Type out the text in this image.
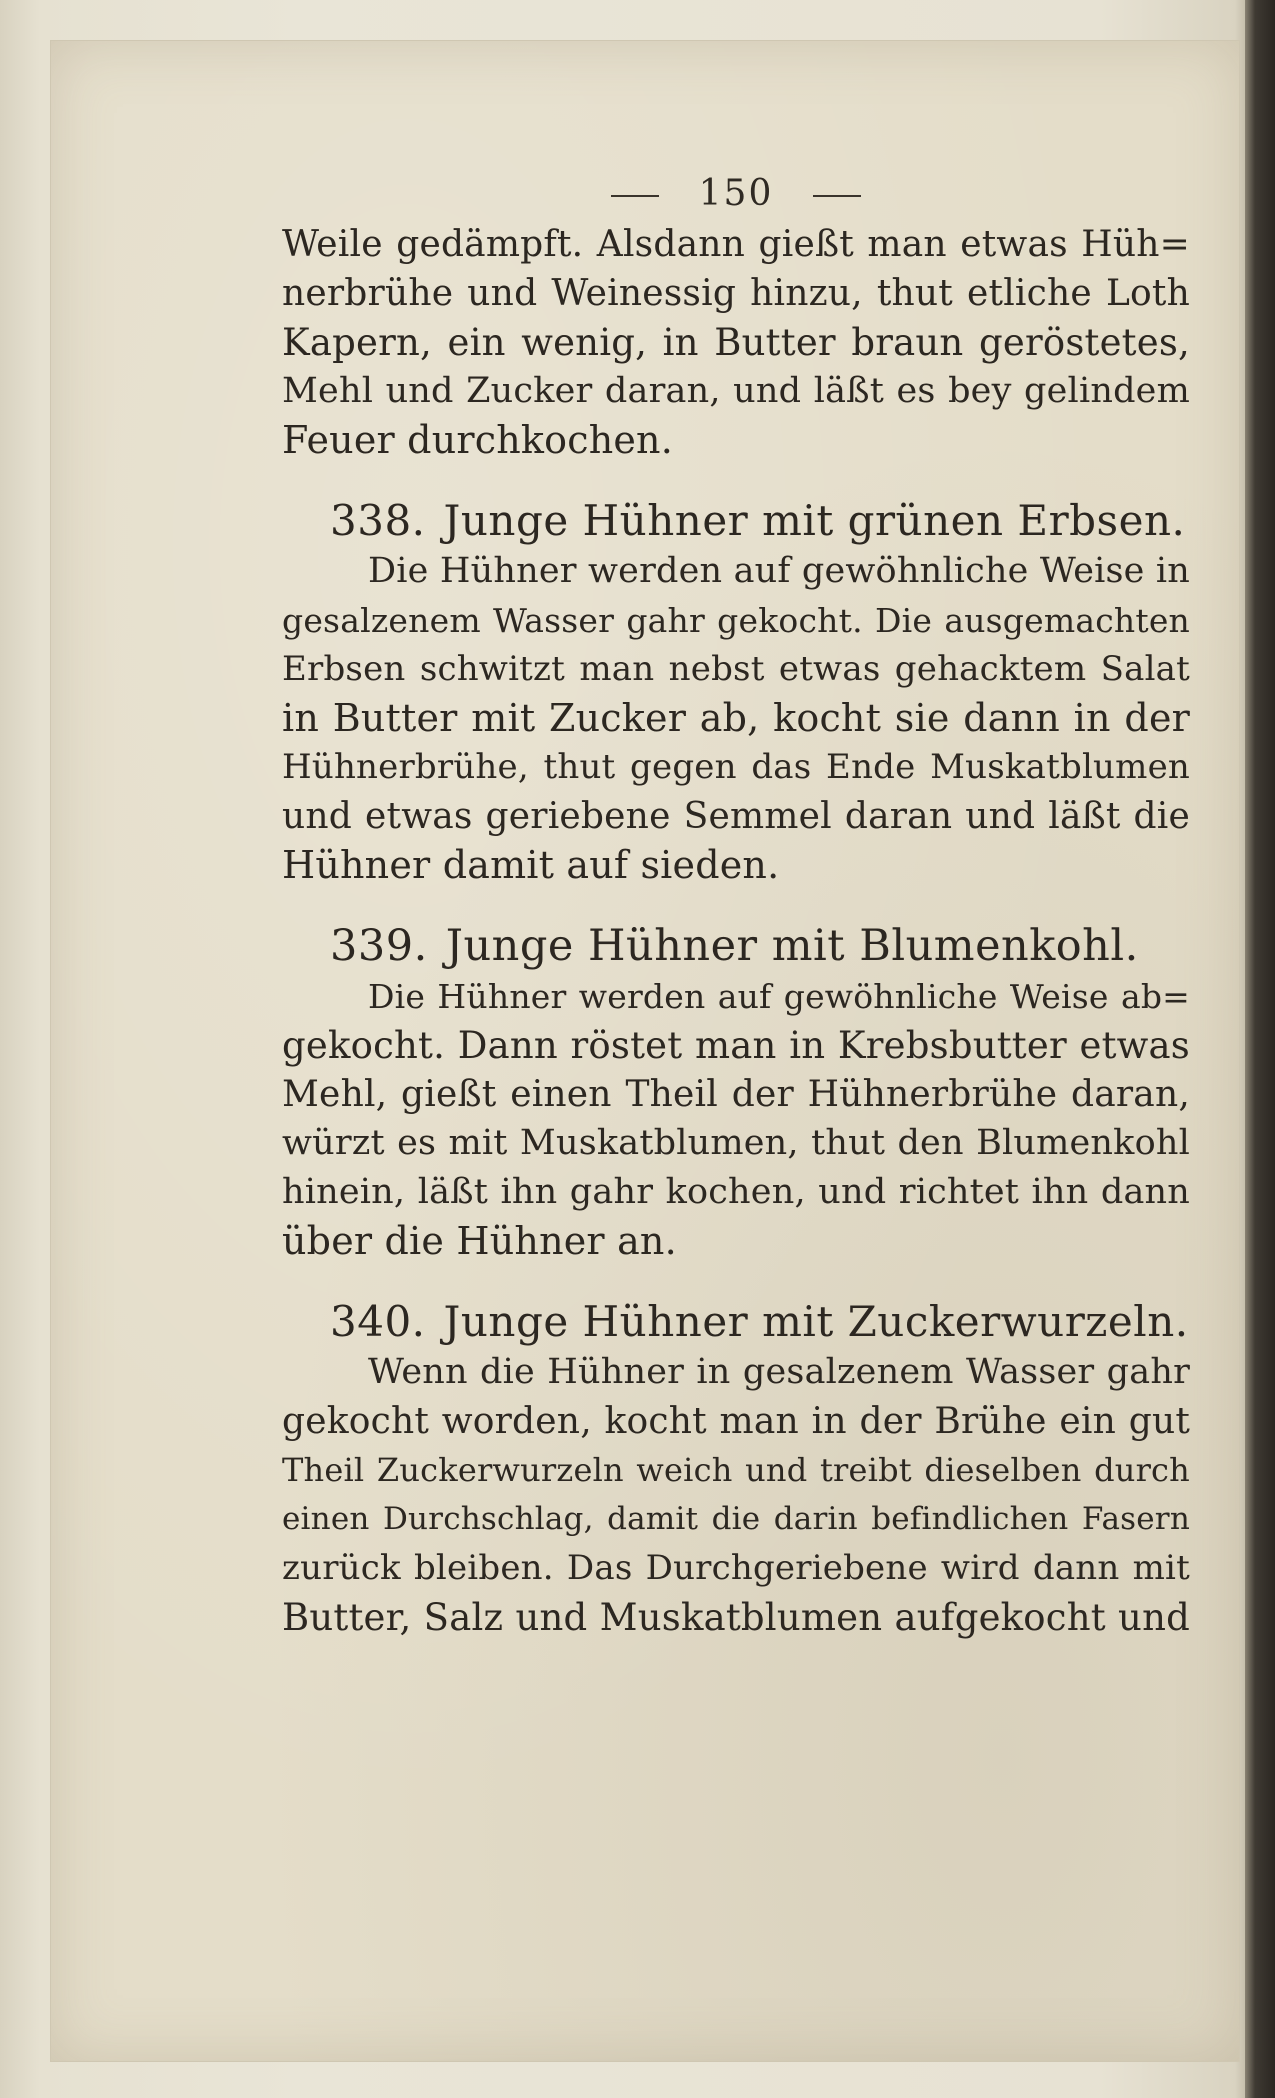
150
Weile gedämpft. Alsdann gießt man etwas Hüh=
nerbrühe und Weinessig hinzu, thut etliche Loth
Kapern, ein wenig, in Butter braun geröstetes,
Mehl und Zucker daran, und läßt es bey gelindem
Feuer durchkochen.
338. Junge Hühner mit grünen Erbsen.
Die Hühner werden auf gewöhnliche Weise in
gesalzenem Wasser gahr gekocht. Die ausgemachten
Erbsen schwitzt man nebst etwas gehacktem Salat
in Butter mit Zucker ab, kocht sie dann in der
Hühnerbrühe, thut gegen das Ende Muskatblumen
und etwas geriebene Semmel daran und läßt die
Hühner damit auf sieden.
339. Junge Hühner mit Blumenkohl.
Die Hühner werden auf gewöhnliche Weise ab=
gekocht. Dann röstet man in Krebsbutter etwas
Mehl, gießt einen Theil der Hühnerbrühe daran,
würzt es mit Muskatblumen, thut den Blumenkohl
hinein, läßt ihn gahr kochen, und richtet ihn dann
über die Hühner an.
340. Junge Hühner mit Zuckerwurzeln.
Wenn die Hühner in gesalzenem Wasser gahr
gekocht worden, kocht man in der Brühe ein gut
Theil Zuckerwurzeln weich und treibt dieselben durch
einen Durchschlag, damit die darin befindlichen Fasern
zurück bleiben. Das Durchgeriebene wird dann mit
Butter, Salz und Muskatblumen aufgekocht und
